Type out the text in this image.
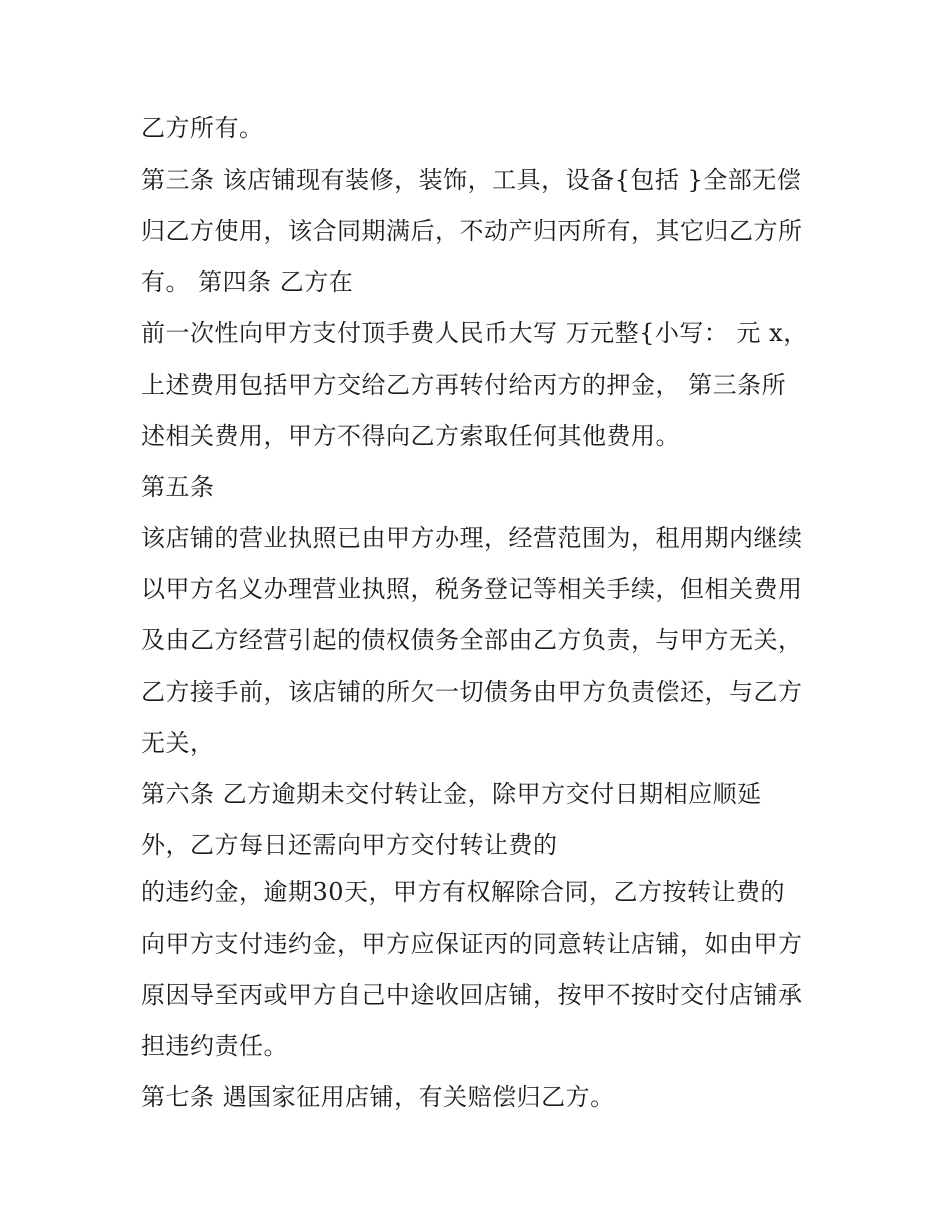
乙方所有。
第三条 该店铺现有装修，装饰，工具，设备{包括 }全部无偿
归乙方使用，该合同期满后，不动产归丙所有，其它归乙方所
有。 第四条 乙方在
前一次性向甲方支付顶手费人民币大写 万元整{小写： 元 x，
上述费用包括甲方交给乙方再转付给丙方的押金， 第三条所
述相关费用，甲方不得向乙方索取任何其他费用。
第五条
该店铺的营业执照已由甲方办理，经营范围为，租用期内继续
以甲方名义办理营业执照，税务登记等相关手续，但相关费用
及由乙方经营引起的债权债务全部由乙方负责，与甲方无关，
乙方接手前，该店铺的所欠一切债务由甲方负责偿还，与乙方
无关，
第六条 乙方逾期未交付转让金，除甲方交付日期相应顺延
外，乙方每日还需向甲方交付转让费的
的违约金，逾期30天，甲方有权解除合同，乙方按转让费的
向甲方支付违约金，甲方应保证丙的同意转让店铺，如由甲方
原因导至丙或甲方自己中途收回店铺，按甲不按时交付店铺承
担违约责任。
第七条 遇国家征用店铺，有关赔偿归乙方。
